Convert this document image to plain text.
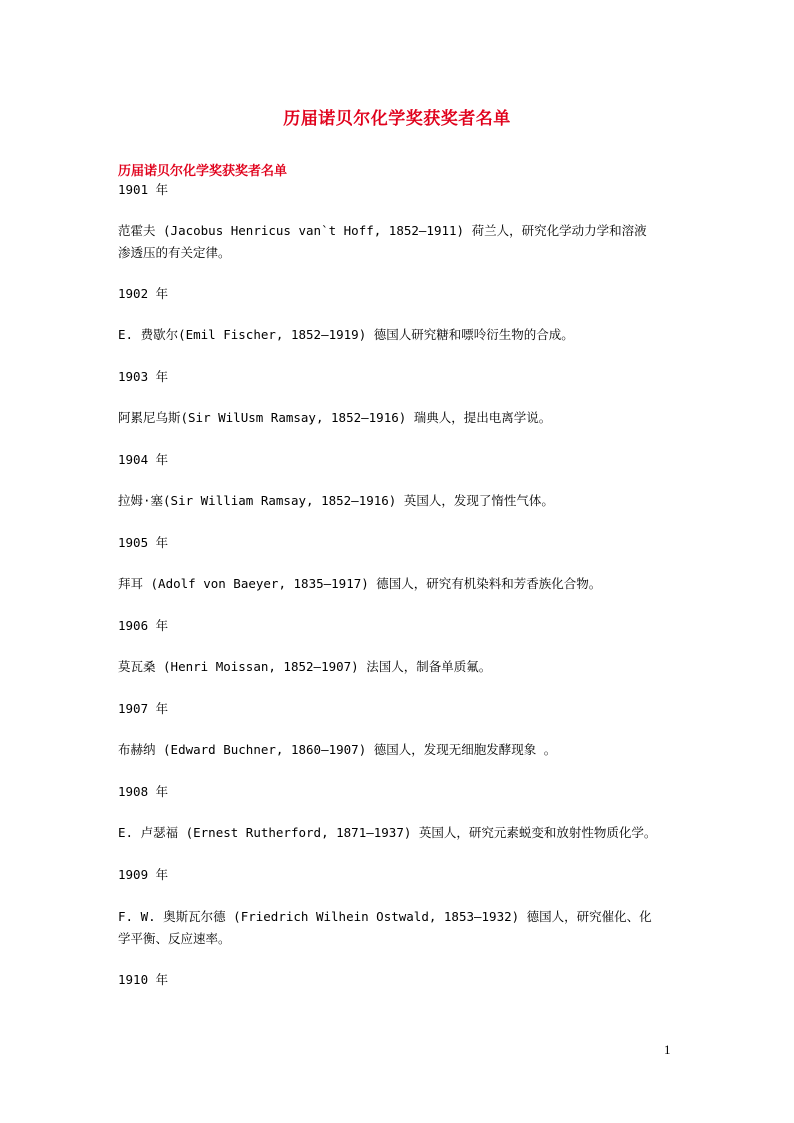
历届诺贝尔化学奖获奖者名单
历届诺贝尔化学奖获奖者名单
1901 年
范霍夫 (Jacobus Henricus van`t Hoff, 1852—1911) 荷兰人，研究化学动力学和溶液
渗透压的有关定律。
1902 年
E. 费歇尔(Emil Fischer, 1852—1919) 德国人研究糖和嘌呤衍生物的合成。
1903 年
阿累尼乌斯(Sir WilUsm Ramsay, 1852—1916) 瑞典人，提出电离学说。
1904 年
拉姆·塞(Sir William Ramsay, 1852—1916) 英国人，发现了惰性气体。
1905 年
拜耳 (Adolf von Baeyer, 1835—1917) 德国人，研究有机染料和芳香族化合物。
1906 年
莫瓦桑 (Henri Moissan, 1852—1907) 法国人，制备单质氟。
1907 年
布赫纳 (Edward Buchner, 1860—1907) 德国人，发现无细胞发酵现象 。
1908 年
E. 卢瑟福 (Ernest Rutherford, 1871—1937) 英国人，研究元素蜕变和放射性物质化学。
1909 年
F. W. 奥斯瓦尔德 (Friedrich Wilhein Ostwald, 1853—1932) 德国人，研究催化、化
学平衡、反应速率。
1910 年
1
